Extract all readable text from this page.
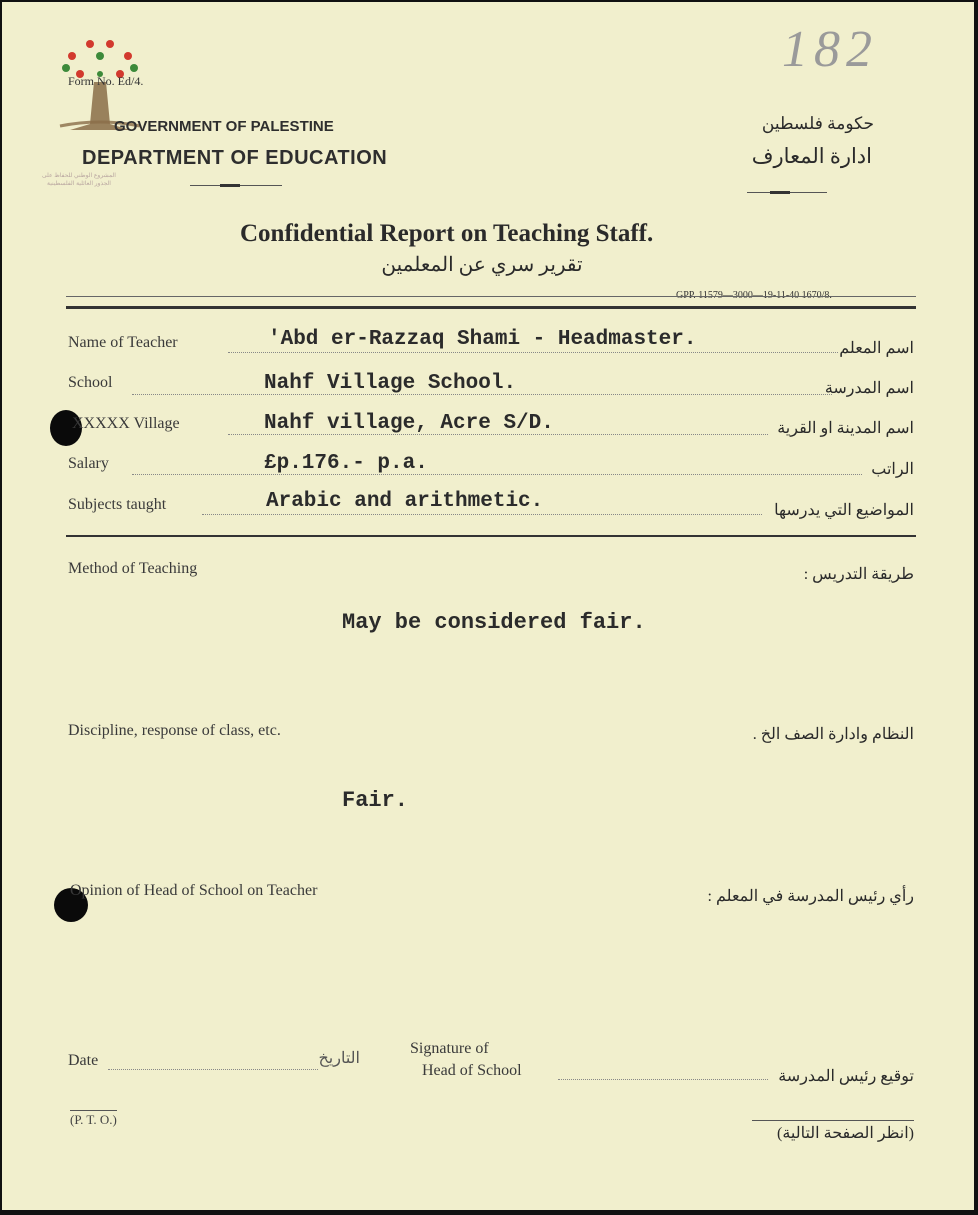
182
المشروع الوطني للحفاظ على
الجذور العائلية الفلسطينية
Form No. Ed/4.
GOVERNMENT OF PALESTINE
DEPARTMENT OF EDUCATION
حكومة فلسطين
ادارة المعارف
Confidential Report on Teaching Staff.
تقرير سري عن المعلمين
Name of Teacher	'Abd er-Razzaq Shami - Headmaster.	اسم المعلم
School	Nahf Village School.	اسم المدرسة
XXXXX Village	Nahf village, Acre S/D.	اسم المدينة او القرية
Salary	£p.176.- p.a.	الراتب
Subjects taught	Arabic and arithmetic.	المواضيع التي يدرسها
Method of Teaching	طريقة التدريس :
May be considered fair.
Discipline, response of class, etc.	النظام وادارة الصف الخ .
Fair.
Opinion of Head of School on Teacher	رأي رئيس المدرسة في المعلم :
Date	التاريخ
Signature of
Head of School	توقيع رئيس المدرسة
(P. T. O.)
(انظر الصفحة التالية)
